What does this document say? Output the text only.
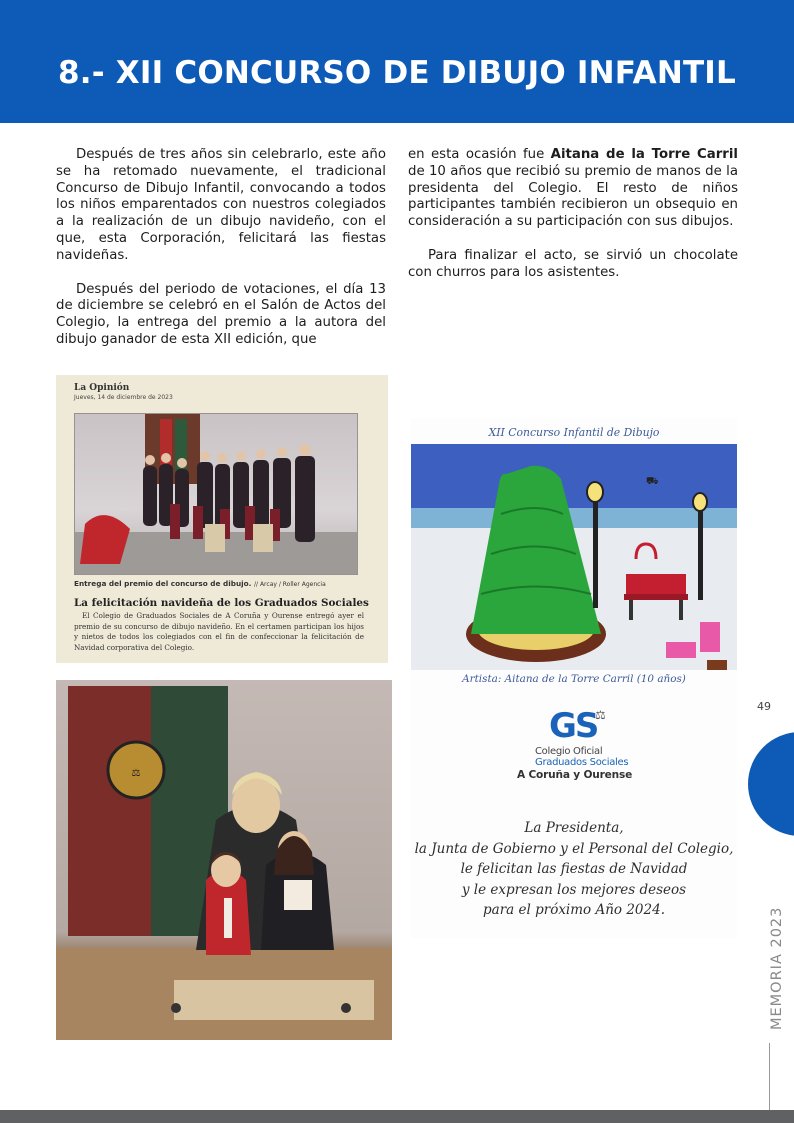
8.- XII CONCURSO DE DIBUJO INFANTIL

Después de tres años sin celebrarlo, este año se ha retomado nuevamente, el tradicional Concurso de Dibujo Infantil, convocando a todos los niños emparentados con nuestros colegiados a la realización de un dibujo navideño, con el que, esta Corporación, felicitará las fiestas navideñas.

Después del periodo de votaciones, el día 13 de diciembre se celebró en el Salón de Actos del Colegio, la entrega del premio a la autora del dibujo ganador de esta XII edición, que

en esta ocasión fue Aitana de la Torre Carril de 10 años que recibió su premio de manos de la presidenta del Colegio. El resto de niños participantes también recibieron un obsequio en consideración a su participación con sus dibujos.

Para finalizar el acto, se sirvió un chocolate con churros para los asistentes.

La Opinión
Jueves, 14 de diciembre de 2023
Entrega del premio del concurso de dibujo. // Arcay / Roller Agencia
La felicitación navideña de los Graduados Sociales
El Colegio de Graduados Sociales de A Coruña y Ourense entregó ayer el premio de su concurso de dibujo navideño. En el certamen participan los hijos y nietos de todos los colegiados con el fin de confeccionar la felicitación de Navidad corporativa del Colegio.
⚖
XII Concurso Infantil de Dibujo
⛟
Artista: Aitana de la Torre Carril (10 años)
GS
⚖
Colegio Oficial
Graduados Sociales
A Coruña y Ourense
La Presidenta,
la Junta de Gobierno y el Personal del Colegio,
le felicitan las fiestas de Navidad
y le expresan los mejores deseos
para el próximo Año 2024.
49
MEMORIA 2023
